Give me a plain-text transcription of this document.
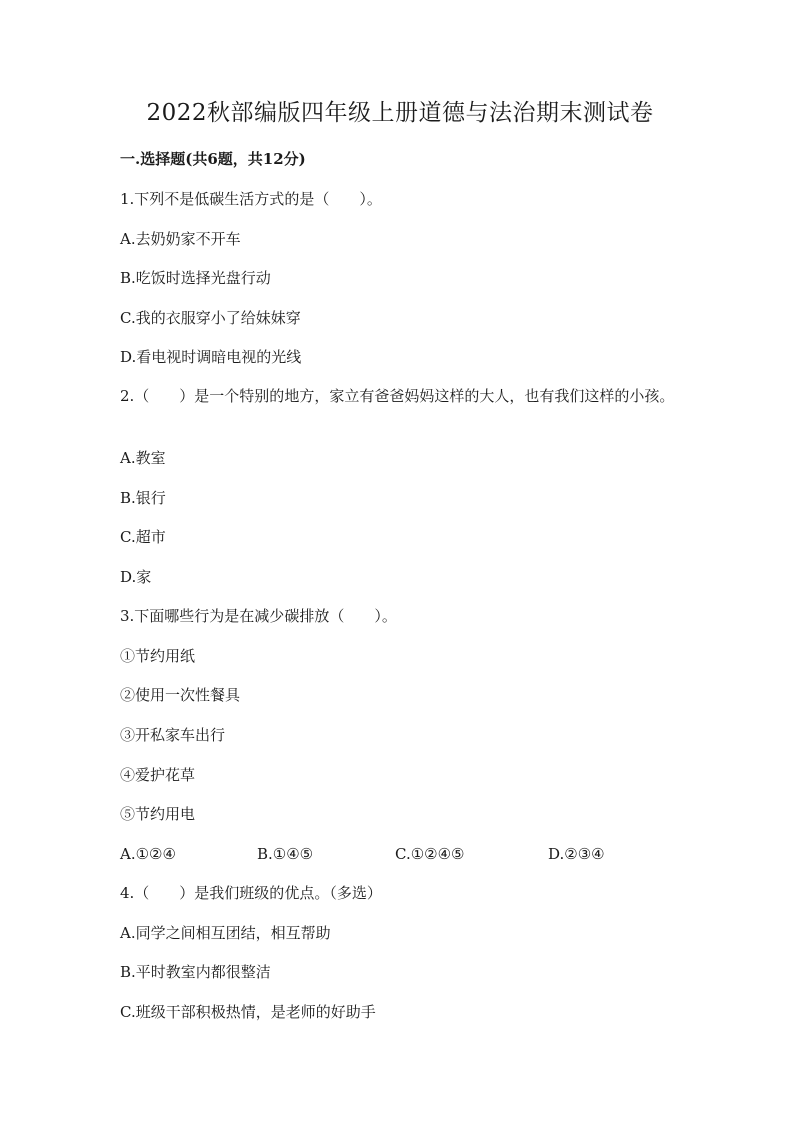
2022秋部编版四年级上册道德与法治期末测试卷
一.选择题(共6题，共12分)
1.下列不是低碳生活方式的是（　　）。
A.去奶奶家不开车
B.吃饭时选择光盘行动
C.我的衣服穿小了给妹妹穿
D.看电视时调暗电视的光线
2.（　　）是一个特别的地方，家立有爸爸妈妈这样的大人，也有我们这样的小孩。
A.教室
B.银行
C.超市
D.家
3.下面哪些行为是在减少碳排放（　　）。
①节约用纸
②使用一次性餐具
③开私家车出行
④爱护花草
⑤节约用电
A.①②④	B.①④⑤	C.①②④⑤	D.②③④
4.（　　）是我们班级的优点。（多选）
A.同学之间相互团结，相互帮助
B.平时教室内都很整洁
C.班级干部积极热情，是老师的好助手
